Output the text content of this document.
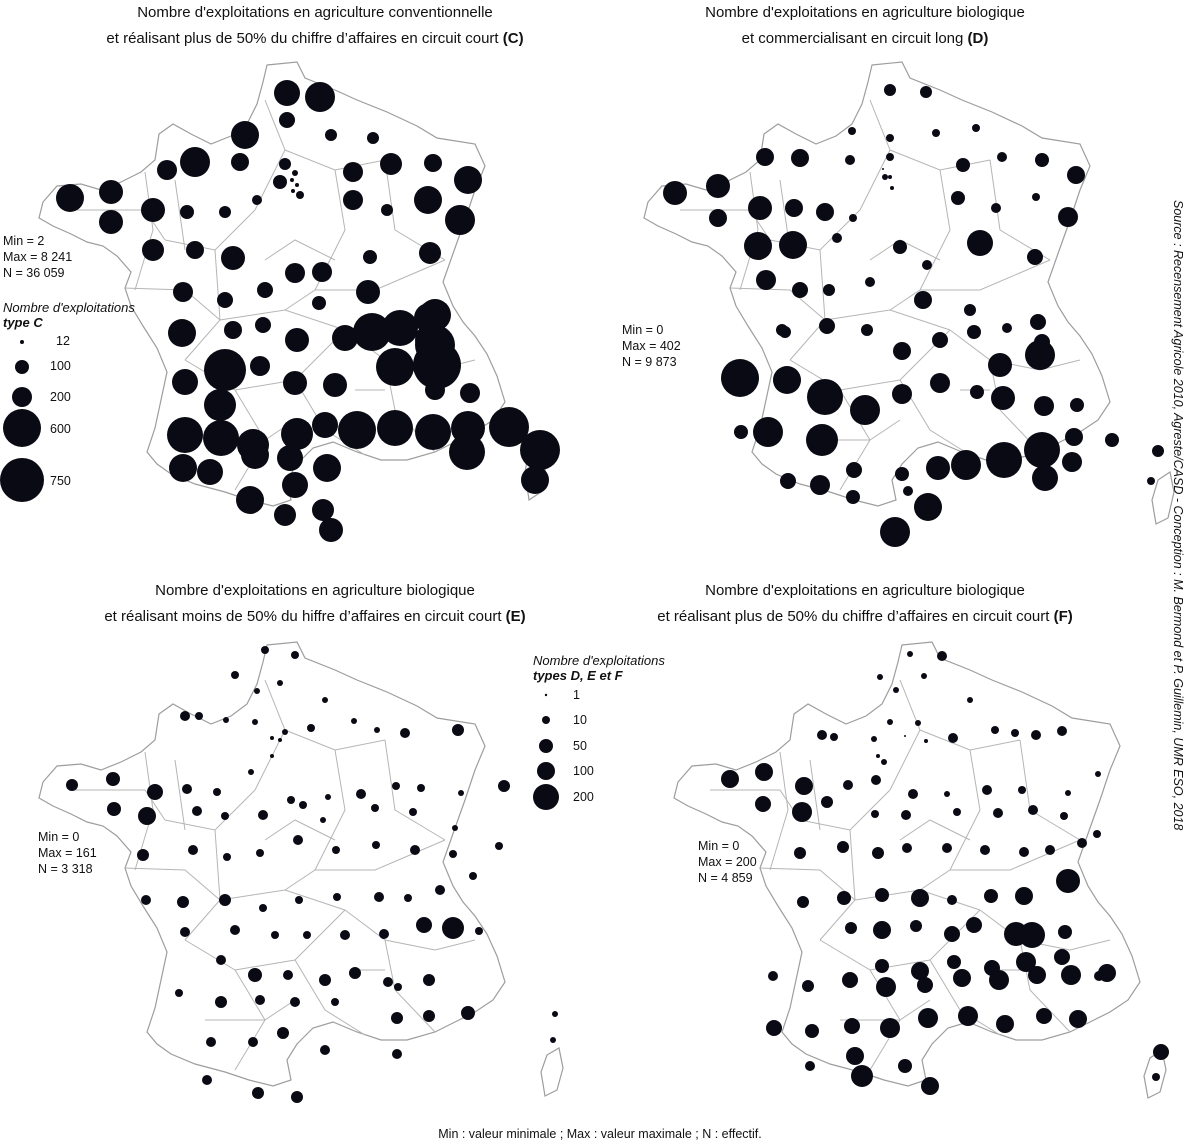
Nombre d'exploitations en agriculture conventionnelle
et réalisant plus de 50% du chiffre d’affaires en circuit court (C)
Nombre d'exploitations en agriculture biologique
et commercialisant en circuit long (D)
Nombre d'exploitations en agriculture biologique
et réalisant moins de 50% du hiffre d’affaires en circuit court (E)
Nombre d'exploitations en agriculture biologique
et réalisant plus de 50% du chiffre d’affaires en circuit court (F)
Min = 2
Max = 8 241
N = 36 059
Min = 0
Max = 402
N = 9 873
Min = 0
Max = 161
N = 3 318
Min = 0
Max = 200
N = 4 859
Nombre d'exploitations
type C
12
100
200
600
750
Nombre d'exploitations
types D, E et F
1
10
50
100
200	Source : Recensement Agricole 2010, Agreste/CASD - Conception : M. Bermond et P. Guillemin, UMR ESO, 2018
Min : valeur minimale ; Max : valeur maximale ; N : effectif.
